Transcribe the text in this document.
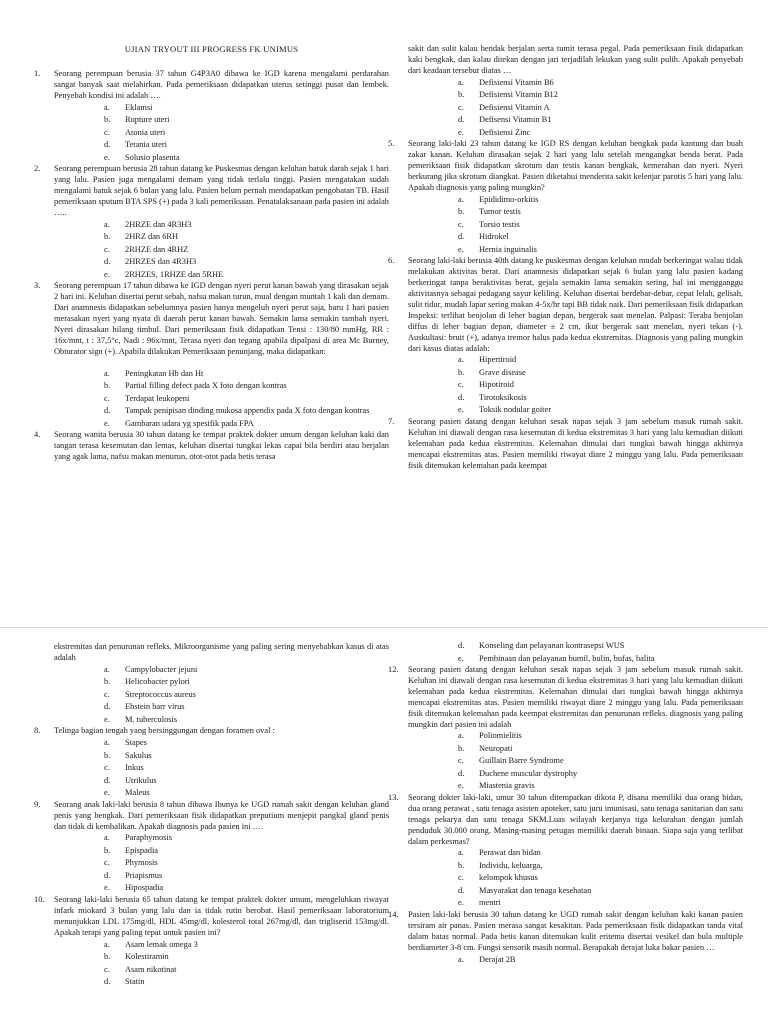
UJIAN TRYOUT III PROGRESS FK UNIMUS
1.	Seorang perempuan berusia 37 tahun G4P3A0 dibawa ke IGD karena mengalami perdarahan sangat banyak saat melahirkan. Pada pemeriksaan didapatkan uterus setinggi pusat dan lembek. Penyebab kondisi ini adalah ….
a.	Eklamsi
b.	Rupture uteri
c.	Atonia uteri
d.	Tetania uteri
e.	Solusio plasenta
2.	Seorang perempuan berusia 28 tahun datang ke Puskesmas dengan keluhan batuk darah sejak 1 hari yang lalu. Pasien juga mengalami demam yang tidak terlalu tinggi. Pasien mengatakan sudah mengalami batuk sejak 6 bulan yang lalu. Pasien belum pernah mendapatkan pengobatan TB. Hasil pemeriksaan sputum BTA SPS (+) pada 3 kali pemeriksaan. Penatalaksanaan pada pasien ini adalah …..
a.	2HRZE dan 4R3H3
b.	2HRZ dan 6RH
c.	2RHZE dan 4RHZ
d.	2HRZES dan 4R3H3
e.	2RHZES, 1RHZE dan 5RHE
3.	Seorang perempuan 17 tahun dibawa ke IGD dengan nyeri perut kanan bawah yang dirasakan sejak 2 hari ini. Keluhan disertai perut sebah, nafsu makan turun, mual dengan muntah 1 kali dan demam. Dari anamnesis didapatkan sebelumnya pasien hanya mengeluh nyeri perut saja, baru 1 hari pasien merasakan nyeri yang nyata di daerah perut kanan bawah. Semakin lama semakin tambah nyeri. Nyeri dirasakan hilang timbul. Dari pemeriksaan fisik didapatkan Tensi : 130/80 mmHg, RR : 16x/mnt, t : 37,5°c, Nadi : 96x/mnt, Terasa nyeri dan tegang apabila dipalpasi di area Mc Burney, Obturator sign (+). Apabila dilakukan Pemeriksaan penunjang, maka didapatkan:
a.	Peningkatan Hb dan Ht
b.	Partial filling defect pada X foto dengan kontras
c.	Terdapat leukopeni
d.	Tampak penipisan dinding mukosa appendix pada X foto dengan kontras
e.	Gambaran udara yg spesifik pada FPA
4.	Seorang wanita berusia 30 tahun datang ke tempat praktek dokter umum dengan keluhan kaki dan tangan terasa kesemutan dan lemas, keluhan disertai tungkai lekas capai bila berdiri atau berjalan yang agak lama, nafsu makan menurun, otot-otot pada betis terasa
sakit dan sulit kalau hendak berjalan serta tumit terasa pegal. Pada pemeriksaan fisik didapatkan kaki bengkak, dan kalau ditekan dengan jari terjadilah lekukan yang sulit pulih. Apakah penyebab dari keadaan tersebut diatas …
a.	Defisiensi Vitamin B6
b.	Defisiensi Vitamin B12
c.	Defisiensi Vitamin A
d.	Defisensi Vitamin B1
e.	Defisiensi Zinc
5.	Seorang laki-laki 23 tahun datang ke IGD RS dengan keluhan bengkak pada kantung dan buah zakar kanan. Keluhan dirasakan sejak 2 hari yang lalu setelah mengangkat benda berat. Pada pemeriksaan fisik didapatkan skrotum dan testis kanan bengkak, kemerahan dan nyeri. Nyeri berkurang jika skrotum diangkat. Pasien diketahui menderita sakit kelenjar parotis 5 hari yang lalu. Apakah diagnosis yang paling mungkin?
a.	Epididimo-orkitis
b.	Tumor testis
c.	Torsio testis
d.	Hidrokel
e.	Hernia inguinalis
6.	Seorang laki-laki berusia 40th datang ke puskesmas dengan keluhan mudah berkeringat walau tidak melakukan aktivitas berat. Dari anamnesis didapatkan sejak 6 bulan yang lalu pasien kadang berkeringat tanpa beraktivitas berat, gejala semakin lama semakin sering, hal ini mengganggu aktivitasnya sebagai pedagang sayur keliling. Keluhan disertai berdebar-debar, cepat lelah, gelisah, sulit tidur, mudah lapar sering makan 4-5x/hr tapi BB tidak naik. Dari pemeriksaan fisik didapatkan Inspeksi: terlihat benjolan di leher bagian depan, bergerak saat menelan. Palpasi: Teraba benjolan diffus di leher bagian depan, diameter ± 2 cm, ikut bergerak saat menelan, nyeri tekan (-). Auskultasi: bruit (+), adanya tremor halus pada kedua ekstremitas. Diagnosis yang paling mungkin dari kasus diatas adalah:
a.	Hipertiroid
b.	Grave disease
c.	Hipotiroid
d.	Tirotoksikosis
e.	Toksik nodular goiter
7.	Seorang pasien datang dengan keluhan sesak napas sejak 3 jam sebelum masuk rumah sakit. Keluhan ini diawali dengan rasa kesemutan di kedua ekstremitas 3 hari yang lalu kemudian diikuti kelemahan pada kedua ekstremitas. Kelemahan dimulai dari tungkai bawah hingga akhirnya mencapai ekstremitas atas. Pasien memiliki riwayat diare 2 minggu yang lalu. Pada pemeriksaan fisik ditemukan kelemahan pada keempat
ekstremitas dan penurunan refleks. Mikroorganisme yang paling sering menyebabkan kasus di atas adalah
a.	Campylobacter jejuni
b.	Helicobacter pylori
c.	Streptococcus aureus
d.	Ebstein barr virus
e.	M. tuberculosis
8.	Telinga bagian tengah yang bersinggungan dengan foramen oval :
a.	Stapes
b.	Sakulus
c.	Inkus
d.	Utrikulus
e.	Maleus
9.	Seorang anak laki-laki berusia 8 tahun dibawa Ibunya ke UGD rumah sakit dengan keluhan gland penis yang bengkak. Dari pemeriksaan fisik didapatkan preputium menjepit pangkal gland penis dan tidak di kembalikan. Apakah diagnosis pada pasien ini ….
a.	Paraphymosis
b.	Epispadia
c.	Phymosis
d.	Priapismus
e.	Hipospadia
10.	Seorang laki-laki berusia 65 tahun datang ke tempat praktek dokter umum, mengeluhkan riwayat infark miokard 3 bulan yang lalu dan ia tidak rutin berobat. Hasil pemeriksaan laboratorium menunjukkan LDL 175mg/dl, HDL 45mg/dl, kolesterol total 267mg/dl, dan trigliserid 153mg/dl. Apakah terapi yang paling tepat untuk pasien ini?
a.	Asam lemak omega 3
b.	Kolestiramin
c.	Asam nikotinat
d.	Statin
d.	Konseling dan pelayanan kontrasepsi WUS
e.	Pembinaan dan pelayanan bumil, bulin, bufas, balita
12.	Seorang pasien datang dengan keluhan sesak napas sejak 3 jam sebelum masuk rumah sakit. Keluhan ini diawali dengan rasa kesemutan di kedua ekstremitas 3 hari yang lalu kemudian diikuti kelemahan pada kedua ekstremitas. Kelemahan dimulai dari tungkai bawah hingga akhirnya mencapai ekstremitas atas. Pasien memiliki riwayat diare 2 minggu yang lalu. Pada pemeriksaan fisik ditemukan kelemahan pada keempat ekstremitas dan penurunan refleks. diagnosis yang paling mungkin dari pasien ini adalah
a.	Poliomielitis
b.	Neuropati
c.	Guillain Barre Syndrome
d.	Duchene muscular dystrophy
e.	Miastenia gravis
13.	Seorang dokter laki-laki, umur 30 tahun ditempatkan dikota P, disana memiliki dua orang bidan, dua orang perawat , satu tenaga asisten apoteker, satu juru imunisasi, satu tenaga sanitarian dan satu tenaga pekarya dan satu tenaga SKM.Luas wilayah kerjanya tiga kelurahan dengan jumlah penduduk 30.000 orang. Masing-masing petugas memiliki daerah binaan. Siapa saja yang terlibat dalam perkesmas?
a.	Perawat dan bidan
b.	Individu, keluarga,
c.	kelompok khusus
d.	Masyarakat dan tenaga kesehatan
e.	mentri
14.	Pasien laki-laki berusia 30 tahun datang ke UGD rumah sakit dengan keluhan kaki kanan pasien tersiram air panas. Pasien merasa sangat kesakitan. Pada pemeriksaan fisik didapatkan tanda vital dalam batas normal. Pada betis kanan ditemukan kulit eritema disertai vesikel dan bula multiple berdiameter 3-8 cm. Fungsi sensorik masih normal. Berapakah derajat luka bakar pasien …
a.	Derajat 2B
